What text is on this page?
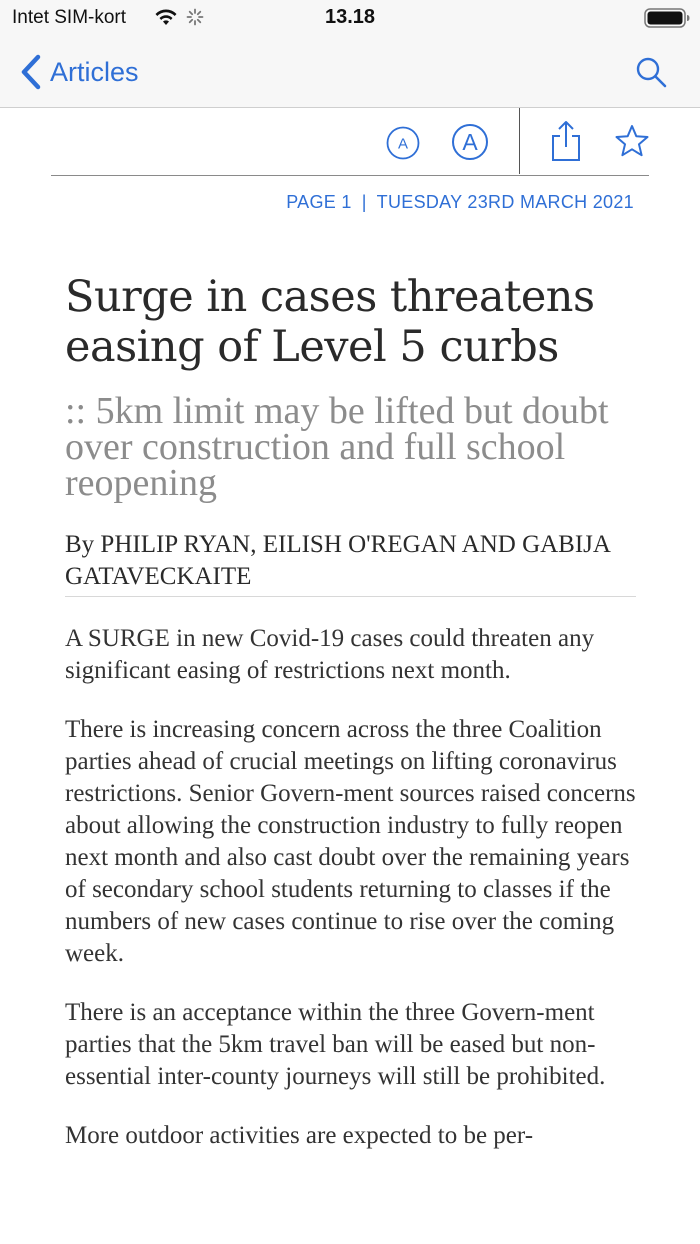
Intet SIM-kort	13.18
Articles
A A
PAGE 1 | TUESDAY 23RD MARCH 2021
Surge in cases threatens easing of Level 5 curbs
:: 5km limit may be lifted but doubt over construction and full school reopening
By PHILIP RYAN, EILISH O'REGAN AND GABIJA GATAVECKAITE

A SURGE in new Covid-19 cases could threaten any significant easing of restrictions next month.

There is increasing concern across the three Coalition parties ahead of crucial meetings on lifting coronavirus restrictions. Senior Govern-ment sources raised concerns about allowing the construction industry to fully reopen next month and also cast doubt over the remaining years of secondary school students returning to classes if the numbers of new cases continue to rise over the coming week.

There is an acceptance within the three Govern-ment parties that the 5km travel ban will be eased but non-essential inter-county journeys will still be prohibited.

More outdoor activities are expected to be per-
